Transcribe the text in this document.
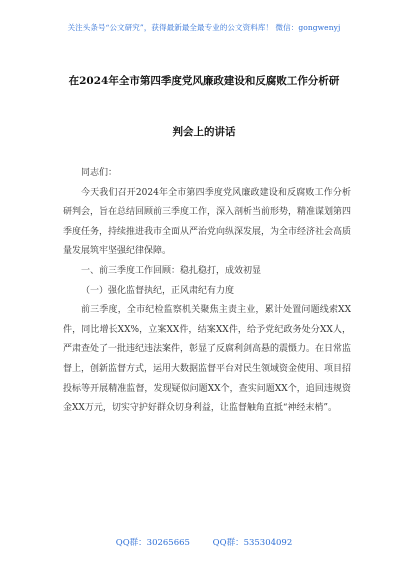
关注头条号“公文研究”，获得最新最全最专业的公文资料库！ 微信：gongwenyj
在2024年全市第四季度党风廉政建设和反腐败工作分析研
判会上的讲话

同志们：

今天我们召开2024年全市第四季度党风廉政建设和反腐败工作分析研判会，旨在总结回顾前三季度工作，深入剖析当前形势，精准谋划第四季度任务，持续推进我市全面从严治党向纵深发展，为全市经济社会高质量发展筑牢坚强纪律保障。

一、前三季度工作回顾：稳扎稳打，成效初显

（一）强化监督执纪，正风肃纪有力度

前三季度，全市纪检监察机关聚焦主责主业，累计处置问题线索XX件，同比增长XX%，立案XX件，结案XX件，给予党纪政务处分XX人，严肃查处了一批违纪违法案件，彰显了反腐利剑高悬的震慑力。在日常监督上，创新监督方式，运用大数据监督平台对民生领域资金使用、项目招投标等开展精准监督，发现疑似问题XX个，查实问题XX个，追回违规资金XX万元，切实守护好群众切身利益，让监督触角直抵“神经末梢”。

QQ群：30265665	QQ群：535304092
